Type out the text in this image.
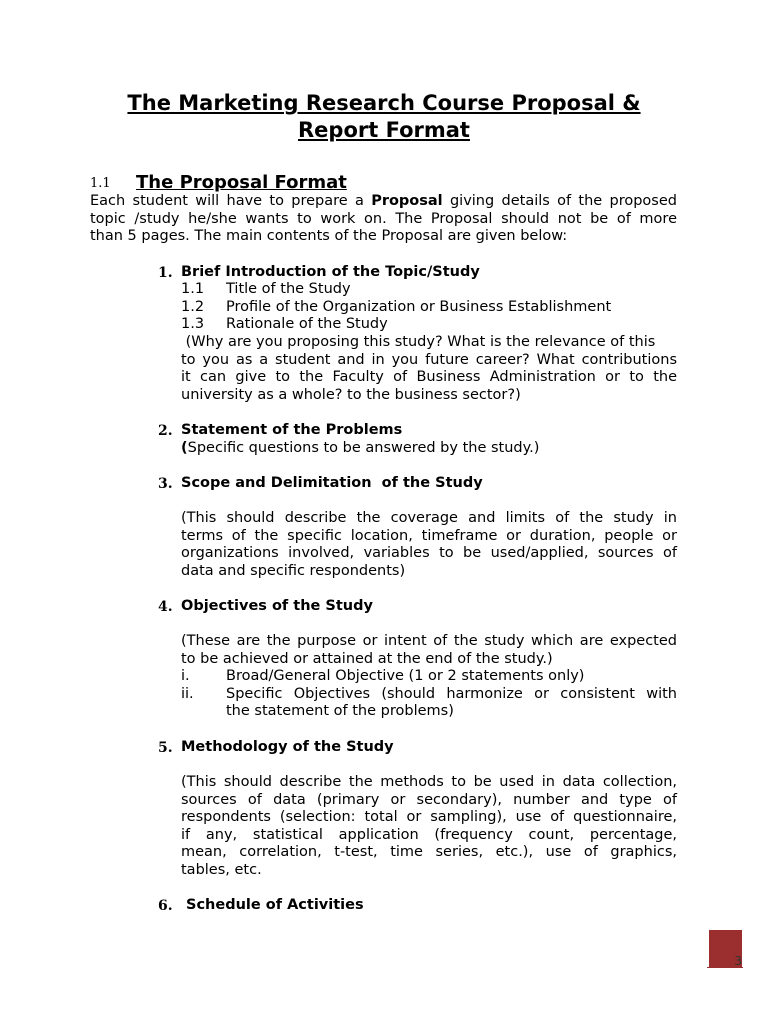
The Marketing Research Course Proposal &
Report Format
1.1 The Proposal Format
Each student will have to prepare a Proposal giving details of the proposed
topic /study he/she wants to work on. The Proposal should not be of more
than 5 pages. The main contents of the Proposal are given below:
1. Brief Introduction of the Topic/Study
1.1 Title of the Study
1.2 Profile of the Organization or Business Establishment
1.3 Rationale of the Study
(Why are you proposing this study? What is the relevance of this
to you as a student and in you future career? What contributions
it can give to the Faculty of Business Administration or to the
university as a whole? to the business sector?)
2. Statement of the Problems
(Specific questions to be answered by the study.)
3. Scope and Delimitation  of the Study
(This should describe the coverage and limits of the study in
terms of the specific location, timeframe or duration, people or
organizations involved, variables to be used/applied, sources of
data and specific respondents)
4. Objectives of the Study
(These are the purpose or intent of the study which are expected
to be achieved or attained at the end of the study.)
i.	Broad/General Objective (1 or 2 statements only)
ii. Specific Objectives (should harmonize or consistent with
the statement of the problems)
5. Methodology of the Study
(This should describe the methods to be used in data collection,
sources of data (primary or secondary), number and type of
respondents (selection: total or sampling), use of questionnaire,
if any, statistical application (frequency count, percentage,
mean, correlation, t-test, time series, etc.), use of graphics,
tables, etc.
6. Schedule of Activities
3
